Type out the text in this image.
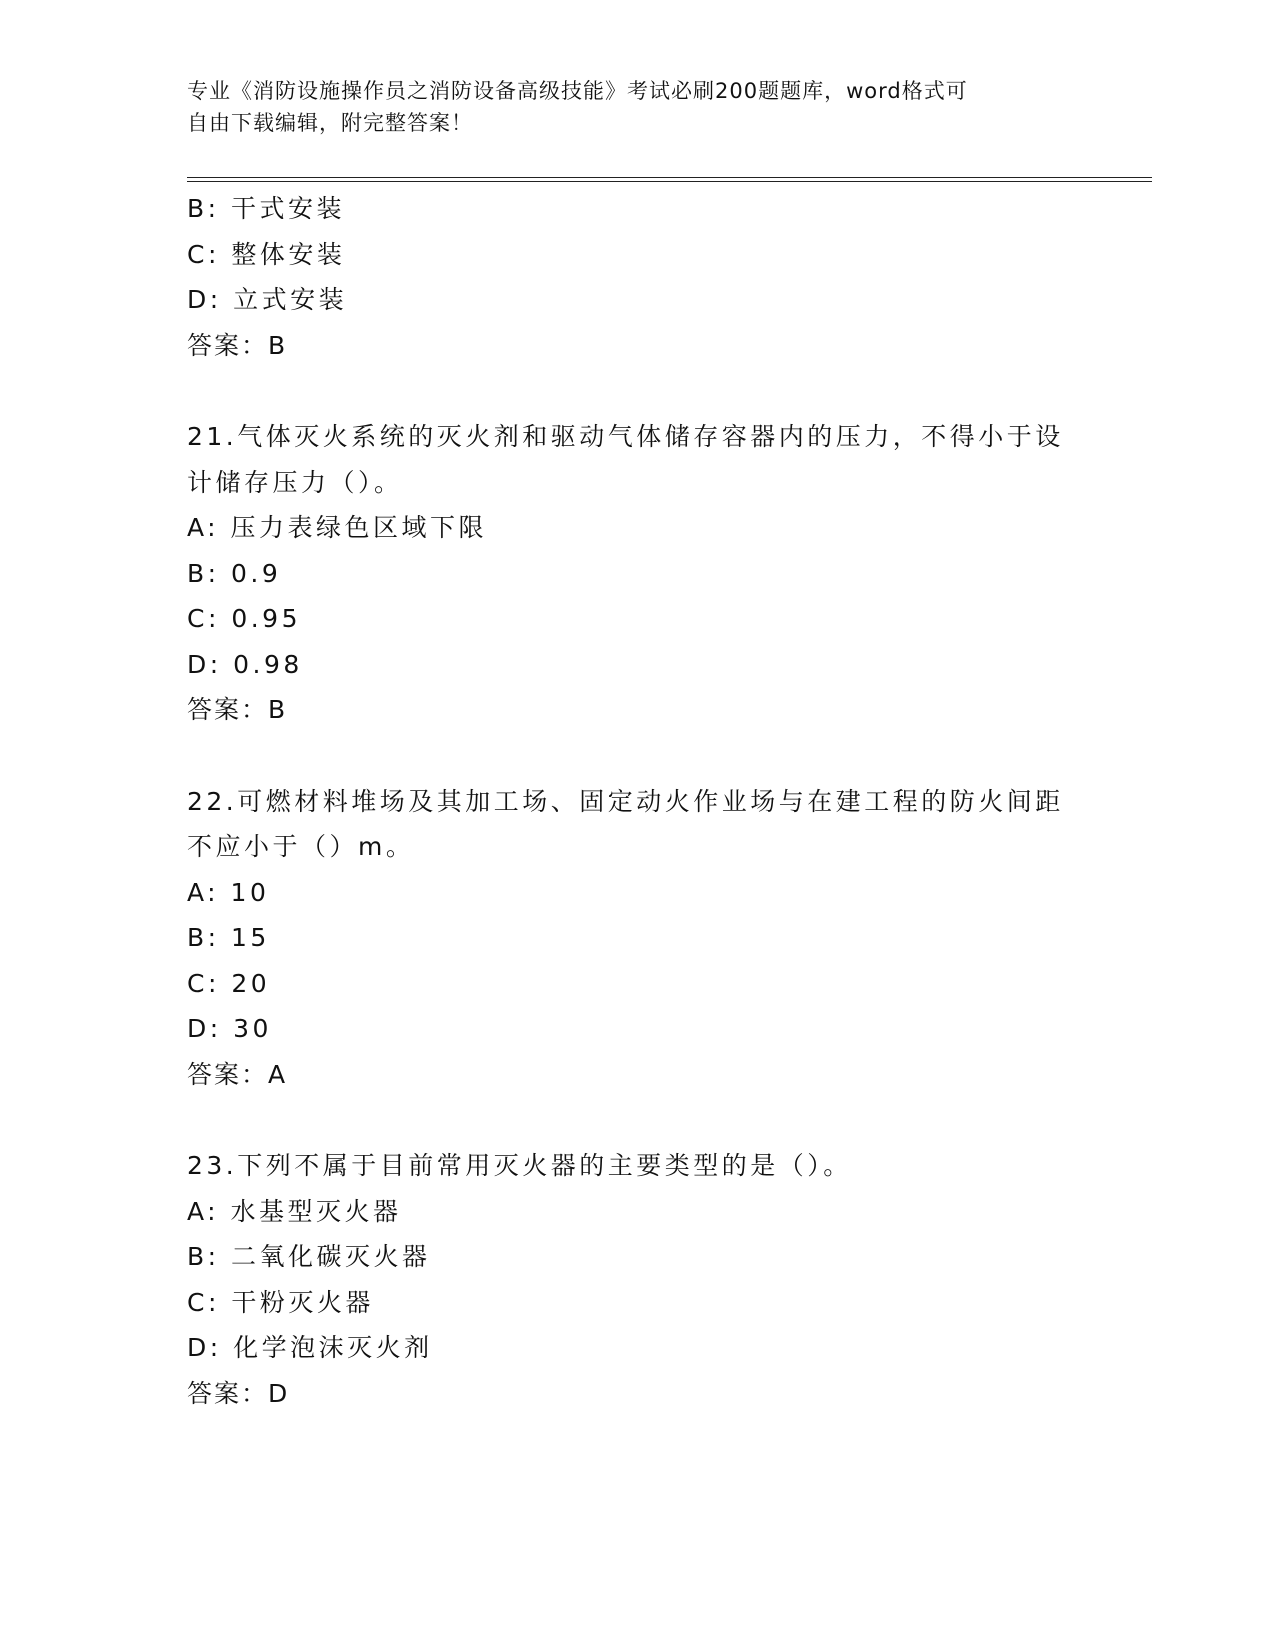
专业《消防设施操作员之消防设备高级技能》考试必刷200题题库，word格式可
自由下载编辑，附完整答案！
B: 干式安装
C: 整体安装
D: 立式安装
答案：B
21.气体灭火系统的灭火剂和驱动气体储存容器内的压力，不得小于设
计储存压力（）。
A: 压力表绿色区域下限
B: 0.9
C: 0.95
D: 0.98
答案：B
22.可燃材料堆场及其加工场、固定动火作业场与在建工程的防火间距
不应小于（）m。
A: 10
B: 15
C: 20
D: 30
答案：A
23.下列不属于目前常用灭火器的主要类型的是（）。
A: 水基型灭火器
B: 二氧化碳灭火器
C: 干粉灭火器
D: 化学泡沫灭火剂
答案：D
